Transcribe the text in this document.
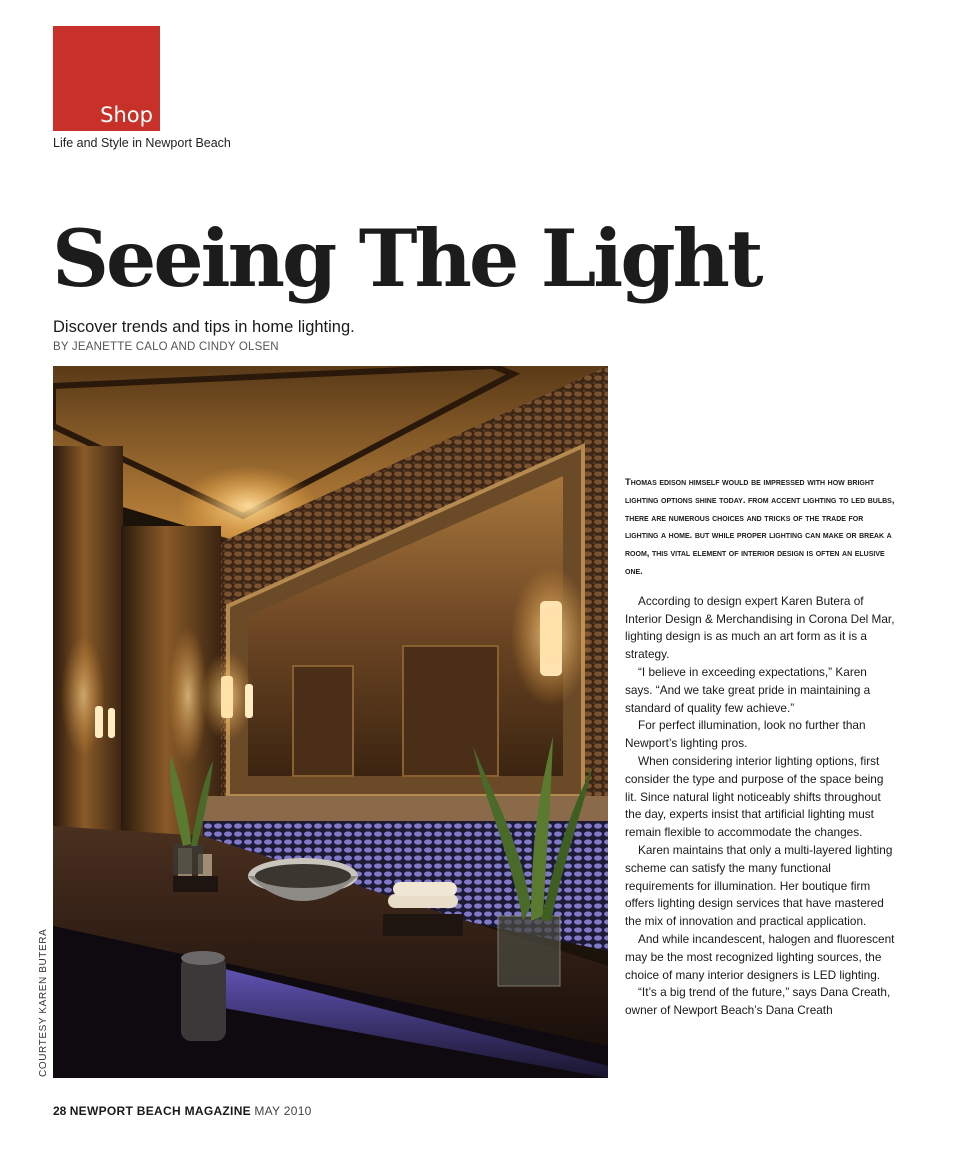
Shop
Life and Style in Newport Beach
Seeing The Light
Discover trends and tips in home lighting.
BY JEANETTE CALO AND CINDY OLSEN
COURTESY KAREN BUTERA

Thomas edison himself would be impressed with how bright lighting options shine today. from accent lighting to led bulbs, there are numerous choices and tricks of the trade for lighting a home. but while proper lighting can make or break a room, this vital element of interior design is often an elusive one.

According to design expert Karen Butera of Interior Design & Merchandising in Corona Del Mar, lighting design is as much an art form as it is a strategy.

“I believe in exceeding expectations,” Karen says. “And we take great pride in maintaining a standard of quality few achieve.”

For perfect illumination, look no further than Newport’s lighting pros.

When considering interior lighting options, first consider the type and purpose of the space being lit. Since natural light noticeably shifts throughout the day, experts insist that artificial lighting must remain flexible to accommodate the changes.

Karen maintains that only a multi-layered lighting scheme can satisfy the many functional requirements for illumination. Her boutique firm offers lighting design services that have mastered the mix of innovation and practical application.

And while incandescent, halogen and fluorescent may be the most recognized lighting sources, the choice of many interior designers is LED lighting.

“It’s a big trend of the future,” says Dana Creath, owner of Newport Beach’s Dana Creath

28 NEWPORT BEACH MAGAZINE MAY 2010
